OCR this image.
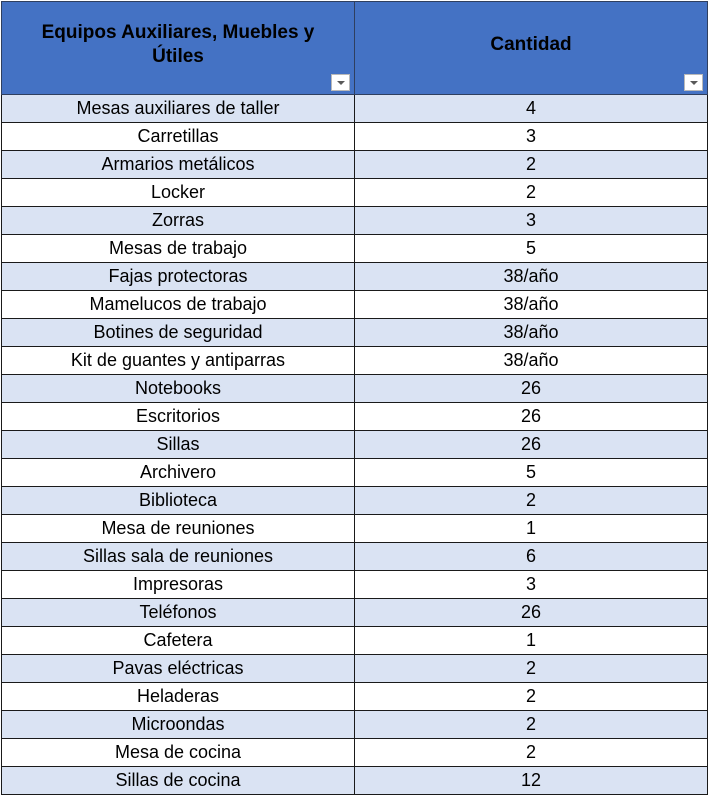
Equipos Auxiliares, Muebles y Útiles	Cantidad

Mesas auxiliares de taller	4
Carretillas	3
Armarios metálicos	2
Locker	2
Zorras	3
Mesas de trabajo	5
Fajas protectoras	38/año
Mamelucos de trabajo	38/año
Botines de seguridad	38/año
Kit de guantes y antiparras	38/año
Notebooks	26
Escritorios	26
Sillas	26
Archivero	5
Biblioteca	2
Mesa de reuniones	1
Sillas sala de reuniones	6
Impresoras	3
Teléfonos	26
Cafetera	1
Pavas eléctricas	2
Heladeras	2
Microondas	2
Mesa de cocina	2
Sillas de cocina	12
